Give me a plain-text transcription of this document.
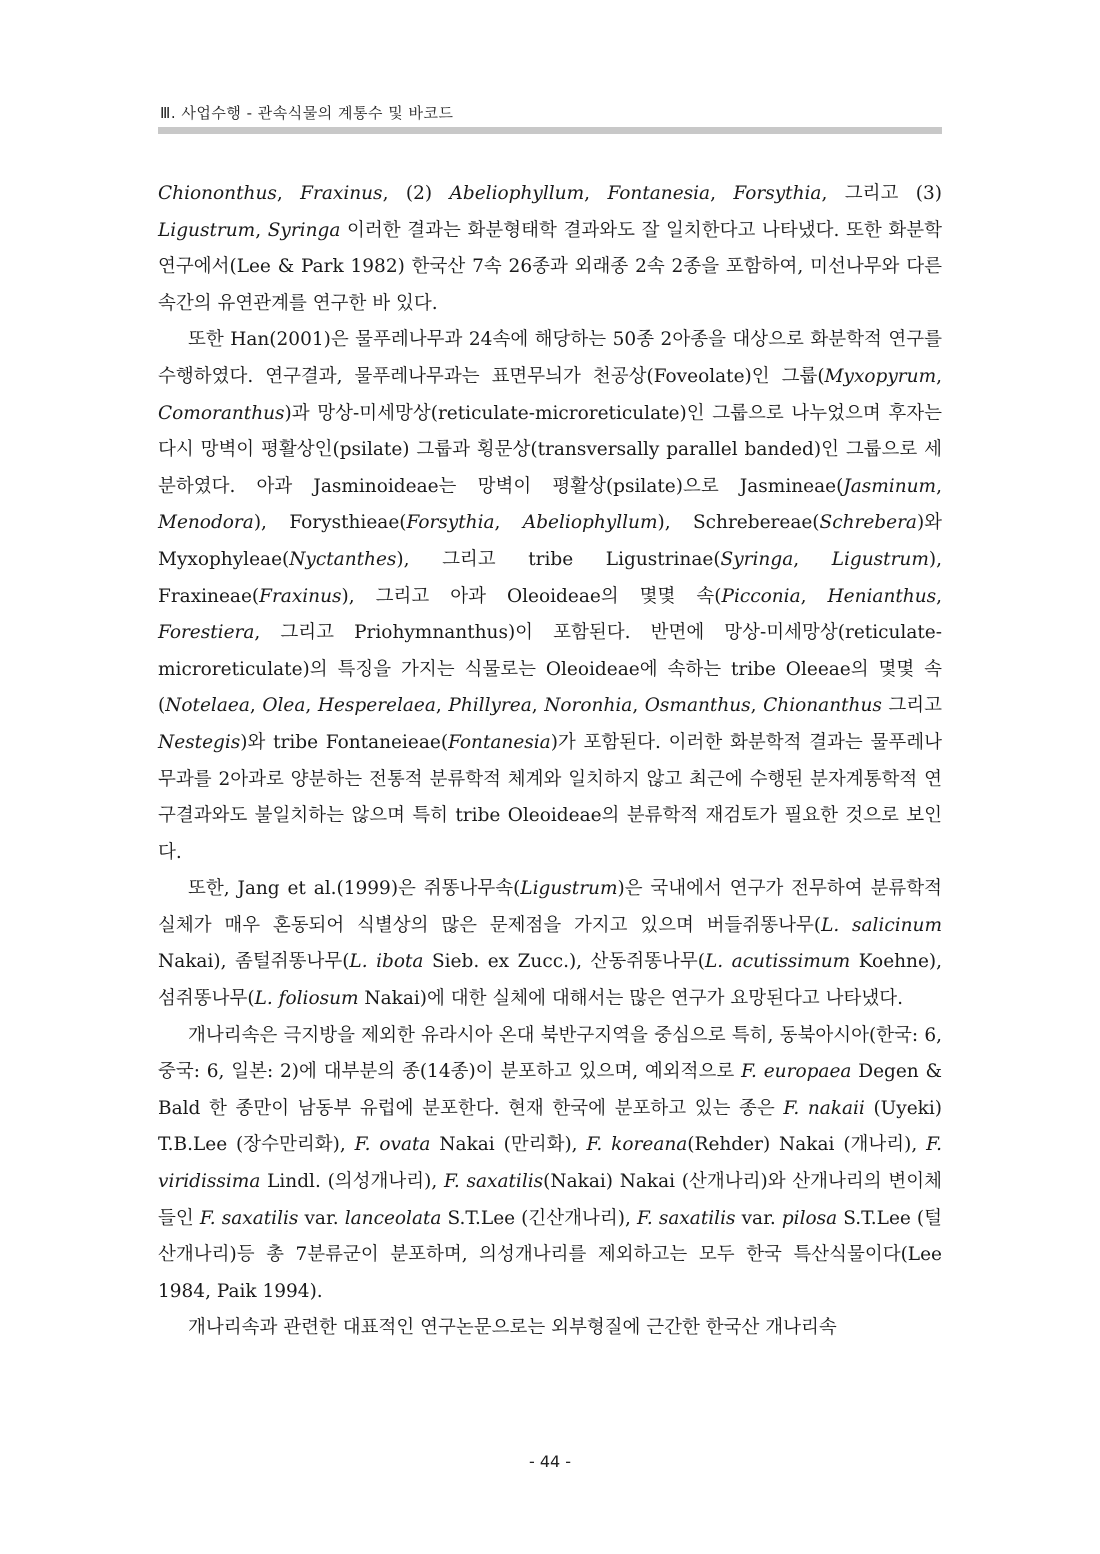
Ⅲ. 사업수행 - 관속식물의 계통수 및 바코드

Chiononthus, Fraxinus, (2) Abeliophyllum, Fontanesia, Forsythia, 그리고 (3) Ligustrum, Syringa 이러한 결과는 화분형태학 결과와도 잘 일치한다고 나타냈다. 또한 화분학 연구에서(Lee & Park 1982) 한국산 7속 26종과 외래종 2속 2종을 포함하여, 미선나무와 다른 속간의 유연관계를 연구한 바 있다.

또한 Han(2001)은 물푸레나무과 24속에 해당하는 50종 2아종을 대상으로 화분학적 연구를 수행하였다. 연구결과, 물푸레나무과는 표면무늬가 천공상(Foveolate)인 그룹(Myxopyrum, Comoranthus)과 망상-미세망상(reticulate-microreticulate)인 그룹으로 나누었으며 후자는 다시 망벽이 평활상인(psilate) 그룹과 횡문상(transversally parallel banded)인 그룹으로 세분하였다. 아과 Jasminoideae는 망벽이 평활상(psilate)으로 Jasmineae(Jasminum, Menodora), Forysthieae(Forsythia, Abeliophyllum), Schrebereae(Schrebera)와 Myxophyleae(Nyctanthes), 그리고 tribe Ligustrinae(Syringa, Ligustrum), Fraxineae(Fraxinus), 그리고 아과 Oleoideae의 몇몇 속(Picconia, Henianthus, Forestiera, 그리고 Priohymnanthus)이 포함된다. 반면에 망상-미세망상(reticulate-microreticulate)의 특징을 가지는 식물로는 Oleoideae에 속하는 tribe Oleeae의 몇몇 속(Notelaea, Olea, Hesperelaea, Phillyrea, Noronhia, Osmanthus, Chionanthus 그리고 Nestegis)와 tribe Fontaneieae(Fontanesia)가 포함된다. 이러한 화분학적 결과는 물푸레나무과를 2아과로 양분하는 전통적 분류학적 체계와 일치하지 않고 최근에 수행된 분자계통학적 연구결과와도 불일치하는 않으며 특히 tribe Oleoideae의 분류학적 재검토가 필요한 것으로 보인다.

또한, Jang et al.(1999)은 쥐똥나무속(Ligustrum)은 국내에서 연구가 전무하여 분류학적 실체가 매우 혼동되어 식별상의 많은 문제점을 가지고 있으며 버들쥐똥나무(L. salicinum Nakai), 좀털쥐똥나무(L. ibota Sieb. ex Zucc.), 산동쥐똥나무(L. acutissimum Koehne), 섬쥐똥나무(L. foliosum Nakai)에 대한 실체에 대해서는 많은 연구가 요망된다고 나타냈다.

개나리속은 극지방을 제외한 유라시아 온대 북반구지역을 중심으로 특히, 동북아시아(한국: 6, 중국: 6, 일본: 2)에 대부분의 종(14종)이 분포하고 있으며, 예외적으로 F. europaea Degen & Bald 한 종만이 남동부 유럽에 분포한다. 현재 한국에 분포하고 있는 종은 F. nakaii (Uyeki) T.B.Lee (장수만리화), F. ovata Nakai (만리화), F. koreana(Rehder) Nakai (개나리), F. viridissima Lindl. (의성개나리), F. saxatilis(Nakai) Nakai (산개나리)와 산개나리의 변이체들인 F. saxatilis var. lanceolata S.T.Lee (긴산개나리), F. saxatilis var. pilosa S.T.Lee (털산개나리)등 총 7분류군이 분포하며, 의성개나리를 제외하고는 모두 한국 특산식물이다(Lee 1984, Paik 1994).

개나리속과 관련한 대표적인 연구논문으로는 외부형질에 근간한 한국산 개나리속

- 44 -
